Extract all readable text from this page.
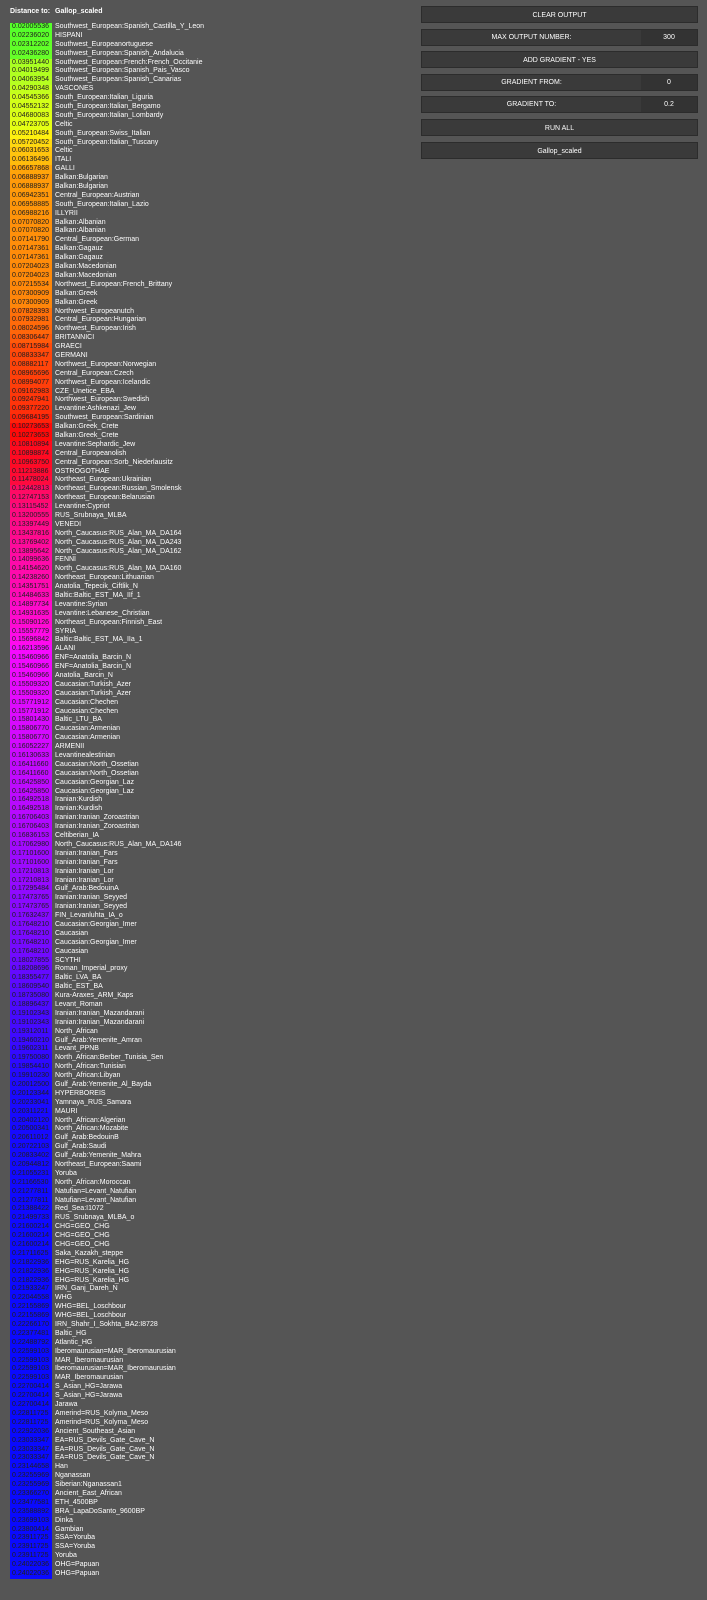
Distance to: Gallop_scaled
0.02005536 Southwest_European:Spanish_Castilla_Y_Leon
0.02236020 HISPANI
0.02312202 Southwest_Europeanortuguese
0.02436280 Southwest_European:Spanish_Andalucia
0.03951440 Southwest_European:French:French_Occitanie
0.04019499 Southwest_European:Spanish_Pais_Vasco
0.04063954 Southwest_European:Spanish_Canarias
0.04290348 VASCONES
0.04545366 South_European:Italian_Liguria
0.04552132 South_European:Italian_Bergamo
0.04680083 South_European:Italian_Lombardy
0.04723705 Celtic
0.05210484 South_European:Swiss_Italian
0.05720452 South_European:Italian_Tuscany
0.06031653 Celtic
0.06136496 ITALI
0.06657868 GALLI
0.06888937 Balkan:Bulgarian
0.06888937 Balkan:Bulgarian
0.06942351 Central_European:Austrian
0.06958885 South_European:Italian_Lazio
0.06988216 ILLYRII
0.07070820 Balkan:Albanian
0.07070820 Balkan:Albanian
0.07141790 Central_European:German
0.07147361 Balkan:Gagauz
0.07147361 Balkan:Gagauz
0.07204023 Balkan:Macedonian
0.07204023 Balkan:Macedonian
0.07215534 Northwest_European:French_Brittany
0.07300909 Balkan:Greek
0.07300909 Balkan:Greek
0.07828393 Northwest_Europeanutch
0.07932981 Central_European:Hungarian
0.08024596 Northwest_European:Irish
0.08306447 BRITANNICI
0.08715984 GRAECI
0.08833347 GERMANI
0.08882117 Northwest_European:Norwegian
0.08965696 Central_European:Czech
0.08994077 Northwest_European:Icelandic
0.09162983 CZE_Unetice_EBA
0.09247941 Northwest_European:Swedish
0.09377220 Levantine:Ashkenazi_Jew
0.09684195 Southwest_European:Sardinian
0.10273653 Balkan:Greek_Crete
0.10273653 Balkan:Greek_Crete
0.10810894 Levantine:Sephardic_Jew
0.10898874 Central_Europeanolish
0.10963750 Central_European:Sorb_Niederlausitz
0.11213886 OSTROGOTHAE
0.11478024 Northeast_European:Ukrainian
0.12442813 Northeast_European:Russian_Smolensk
0.12747153 Northeast_European:Belarusian
0.13115452 Levantine:Cypriot
0.13200555 RUS_Srubnaya_MLBA
0.13397449 VENEDI
0.13437816 North_Caucasus:RUS_Alan_MA_DA164
0.13769402 North_Caucasus:RUS_Alan_MA_DA243
0.13895642 North_Caucasus:RUS_Alan_MA_DA162
0.14099636 FENNI
0.14154620 North_Caucasus:RUS_Alan_MA_DA160
0.14238260 Northeast_European:Lithuanian
0.14351751 Anatolia_Tepecik_Ciftlik_N
0.14484633 Baltic:Baltic_EST_MA_IIf_1
0.14897734 Levantine:Syrian
0.14931635 Levantine:Lebanese_Christian
0.15090126 Northeast_European:Finnish_East
0.15557779 SYRIA
0.15696842 Baltic:Baltic_EST_MA_IIa_1
0.16213596 ALANI
0.15460966 ENF=Anatolia_Barcin_N
0.15460966 ENF=Anatolia_Barcin_N
0.15460966 Anatolia_Barcin_N
0.15509320 Caucasian:Turkish_Azer
0.15509320 Caucasian:Turkish_Azer
0.15771912 Caucasian:Chechen
0.15771912 Caucasian:Chechen
0.15801430 Baltic_LTU_BA
0.15806770 Caucasian:Armenian
0.15806770 Caucasian:Armenian
0.16052227 ARMENII
0.16130633 Levantinealestinian
0.16411660 Caucasian:North_Ossetian
0.16411660 Caucasian:North_Ossetian
0.16425850 Caucasian:Georgian_Laz
0.16425850 Caucasian:Georgian_Laz
0.16492518 Iranian:Kurdish
0.16492518 Iranian:Kurdish
0.16706403 Iranian:Iranian_Zoroastrian
0.16706403 Iranian:Iranian_Zoroastrian
0.16836153 Celtiberian_IA
0.17062980 North_Caucasus:RUS_Alan_MA_DA146
0.17101600 Iranian:Iranian_Fars
0.17101600 Iranian:Iranian_Fars
0.17210813 Iranian:Iranian_Lor
0.17210813 Iranian:Iranian_Lor
0.17295484 Gulf_Arab:BedouinA
0.17473765 Iranian:Iranian_Seyyed
0.17473765 Iranian:Iranian_Seyyed
0.17632437 FIN_Levanluhta_IA_o
0.17648210 Caucasian:Georgian_Imer
0.17648210 Caucasian
0.17648210 Caucasian:Georgian_Imer
0.17648210 Caucasian
0.18027855 SCYTHI
0.18208696 Roman_Imperial_proxy
0.18355477 Baltic_LVA_BA
0.18609540 Baltic_EST_BA
0.18735080 Kura-Araxes_ARM_Kaps
0.18896437 Levant_Roman
0.19102343 Iranian:Iranian_Mazandarani
0.19102343 Iranian:Iranian_Mazandarani
0.19312011 North_African
0.19460210 Gulf_Arab:Yemenite_Amran
0.19602311 Levant_PPNB
0.19750080 North_African:Berber_Tunisia_Sen
0.19854410 North_African:Tunisian
0.19910230 North_African:Libyan
0.20012500 Gulf_Arab:Yemenite_Al_Bayda
0.20123344 HYPERBOREIS
0.20233041 Yamnaya_RUS_Samara
0.20311221 MAURI
0.20402120 North_African:Algerian
0.20500341 North_African:Mozabite
0.20611012 Gulf_Arab:BedouinB
0.20722103 Gulf_Arab:Saudi
0.20833402 Gulf_Arab:Yemenite_Mahra
0.20944812 Northeast_European:Saami
0.21055231 Yoruba
0.21166530 North_African:Moroccan
0.21277811 Natufian=Levant_Natufian
0.21277811 Natufian=Levant_Natufian
0.21388422 Red_Sea:I1072
0.21499733 RUS_Srubnaya_MLBA_o
0.21600214 CHG=GEO_CHG
0.21600214 CHG=GEO_CHG
0.21600214 CHG=GEO_CHG
0.21711625 Saka_Kazakh_steppe
0.21822936 EHG=RUS_Karelia_HG
0.21822936 EHG=RUS_Karelia_HG
0.21822936 EHG=RUS_Karelia_HG
0.21933247 IRN_Ganj_Dareh_N
0.22044558 WHG
0.22155869 WHG=BEL_Loschbour
0.22155869 WHG=BEL_Loschbour
0.22266170 IRN_Shahr_I_Sokhta_BA2:I8728
0.22377481 Baltic_HG
0.22488792 Atlantic_HG
0.22599103 Iberomaurusian=MAR_Iberomaurusian
0.22599103 MAR_Iberomaurusian
0.22599103 Iberomaurusian=MAR_Iberomaurusian
0.22599103 MAR_Iberomaurusian
0.22700414 S_Asian_HG=Jarawa
0.22700414 S_Asian_HG=Jarawa
0.22700414 Jarawa
0.22811725 Amerind=RUS_Kolyma_Meso
0.22811725 Amerind=RUS_Kolyma_Meso
0.22922036 Ancient_Southeast_Asian
0.23033347 EA=RUS_Devils_Gate_Cave_N
0.23033347 EA=RUS_Devils_Gate_Cave_N
0.23033347 EA=RUS_Devils_Gate_Cave_N
0.23144658 Han
0.23255969 Nganassan
0.23255969 Siberian:Nganassan1
0.23366270 Ancient_East_African
0.23477581 ETH_4500BP
0.23588892 BRA_LapaDoSanto_9600BP
0.23699103 Dinka
0.23800414 Gambian
0.23911725 SSA=Yoruba
0.23911725 SSA=Yoruba
0.23911725 Yoruba
0.24022036 OHG=Papuan
0.24022036 OHG=Papuan
CLEAR OUTPUT
MAX OUTPUT NUMBER:
300
ADD GRADIENT - YES
GRADIENT FROM:
0
GRADIENT TO:
0.2
RUN ALL
Gallop_scaled
